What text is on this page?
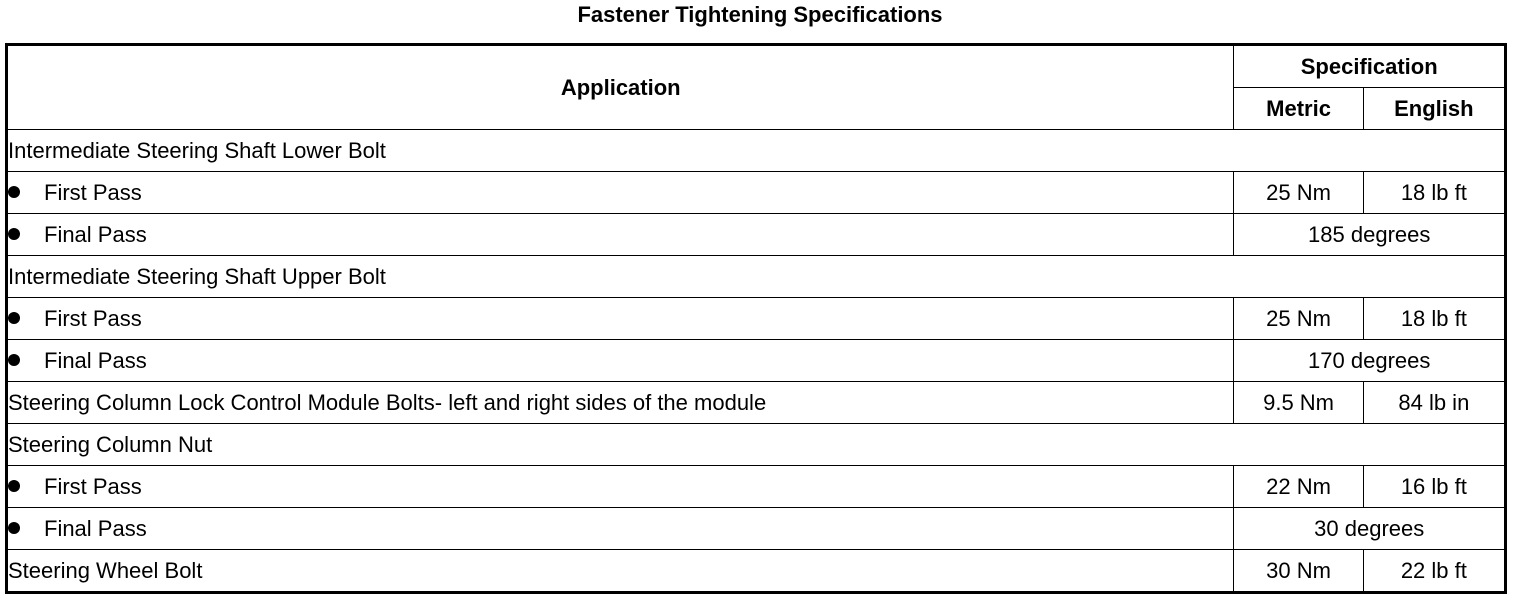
Fastener Tightening Specifications
Application	Specification	
	Metric	English
Intermediate Steering Shaft Lower Bolt		
First Pass	25 Nm	18 lb ft
Final Pass	185 degrees	
Intermediate Steering Shaft Upper Bolt		
First Pass	25 Nm	18 lb ft
Final Pass	170 degrees	
Steering Column Lock Control Module Bolts- left and right sides of the module	9.5 Nm	84 lb in
Steering Column Nut		
First Pass	22 Nm	16 lb ft
Final Pass	30 degrees	
Steering Wheel Bolt	30 Nm	22 lb ft
